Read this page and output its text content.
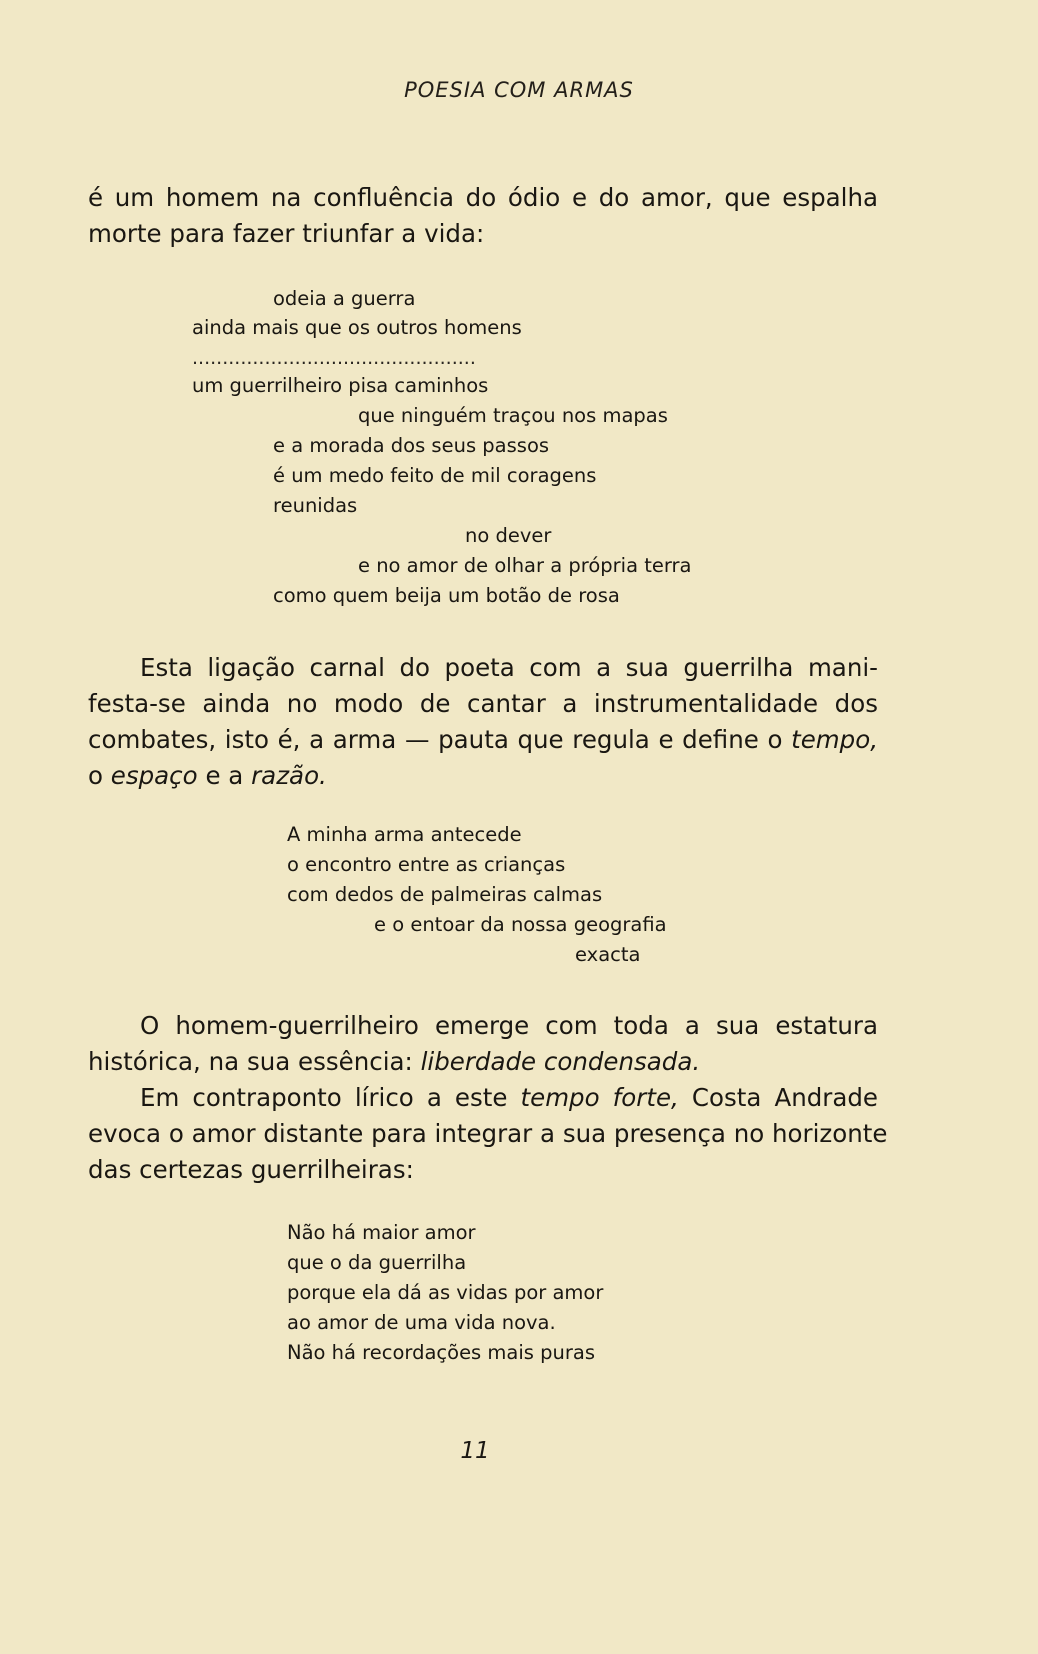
POESIA COM ARMAS
é um homem na confluência do ódio e do amor, que espalha
morte para fazer triunfar a vida:
odeia a guerra
ainda mais que os outros homens
...............................................
um guerrilheiro pisa caminhos
que ninguém traçou nos mapas
e a morada dos seus passos
é um medo feito de mil coragens
reunidas
no dever
e no amor de olhar a própria terra
como quem beija um botão de rosa
Esta ligação carnal do poeta com a sua guerrilha mani-
festa-se ainda no modo de cantar a instrumentalidade dos
combates, isto é, a arma — pauta que regula e define o tempo,
o espaço e a razão.
A minha arma antecede
o encontro entre as crianças
com dedos de palmeiras calmas
e o entoar da nossa geografia
exacta
O homem-guerrilheiro emerge com toda a sua estatura
histórica, na sua essência: liberdade condensada.
Em contraponto lírico a este tempo forte, Costa Andrade
evoca o amor distante para integrar a sua presença no horizonte
das certezas guerrilheiras:
Não há maior amor
que o da guerrilha
porque ela dá as vidas por amor
ao amor de uma vida nova.
Não há recordações mais puras
11
